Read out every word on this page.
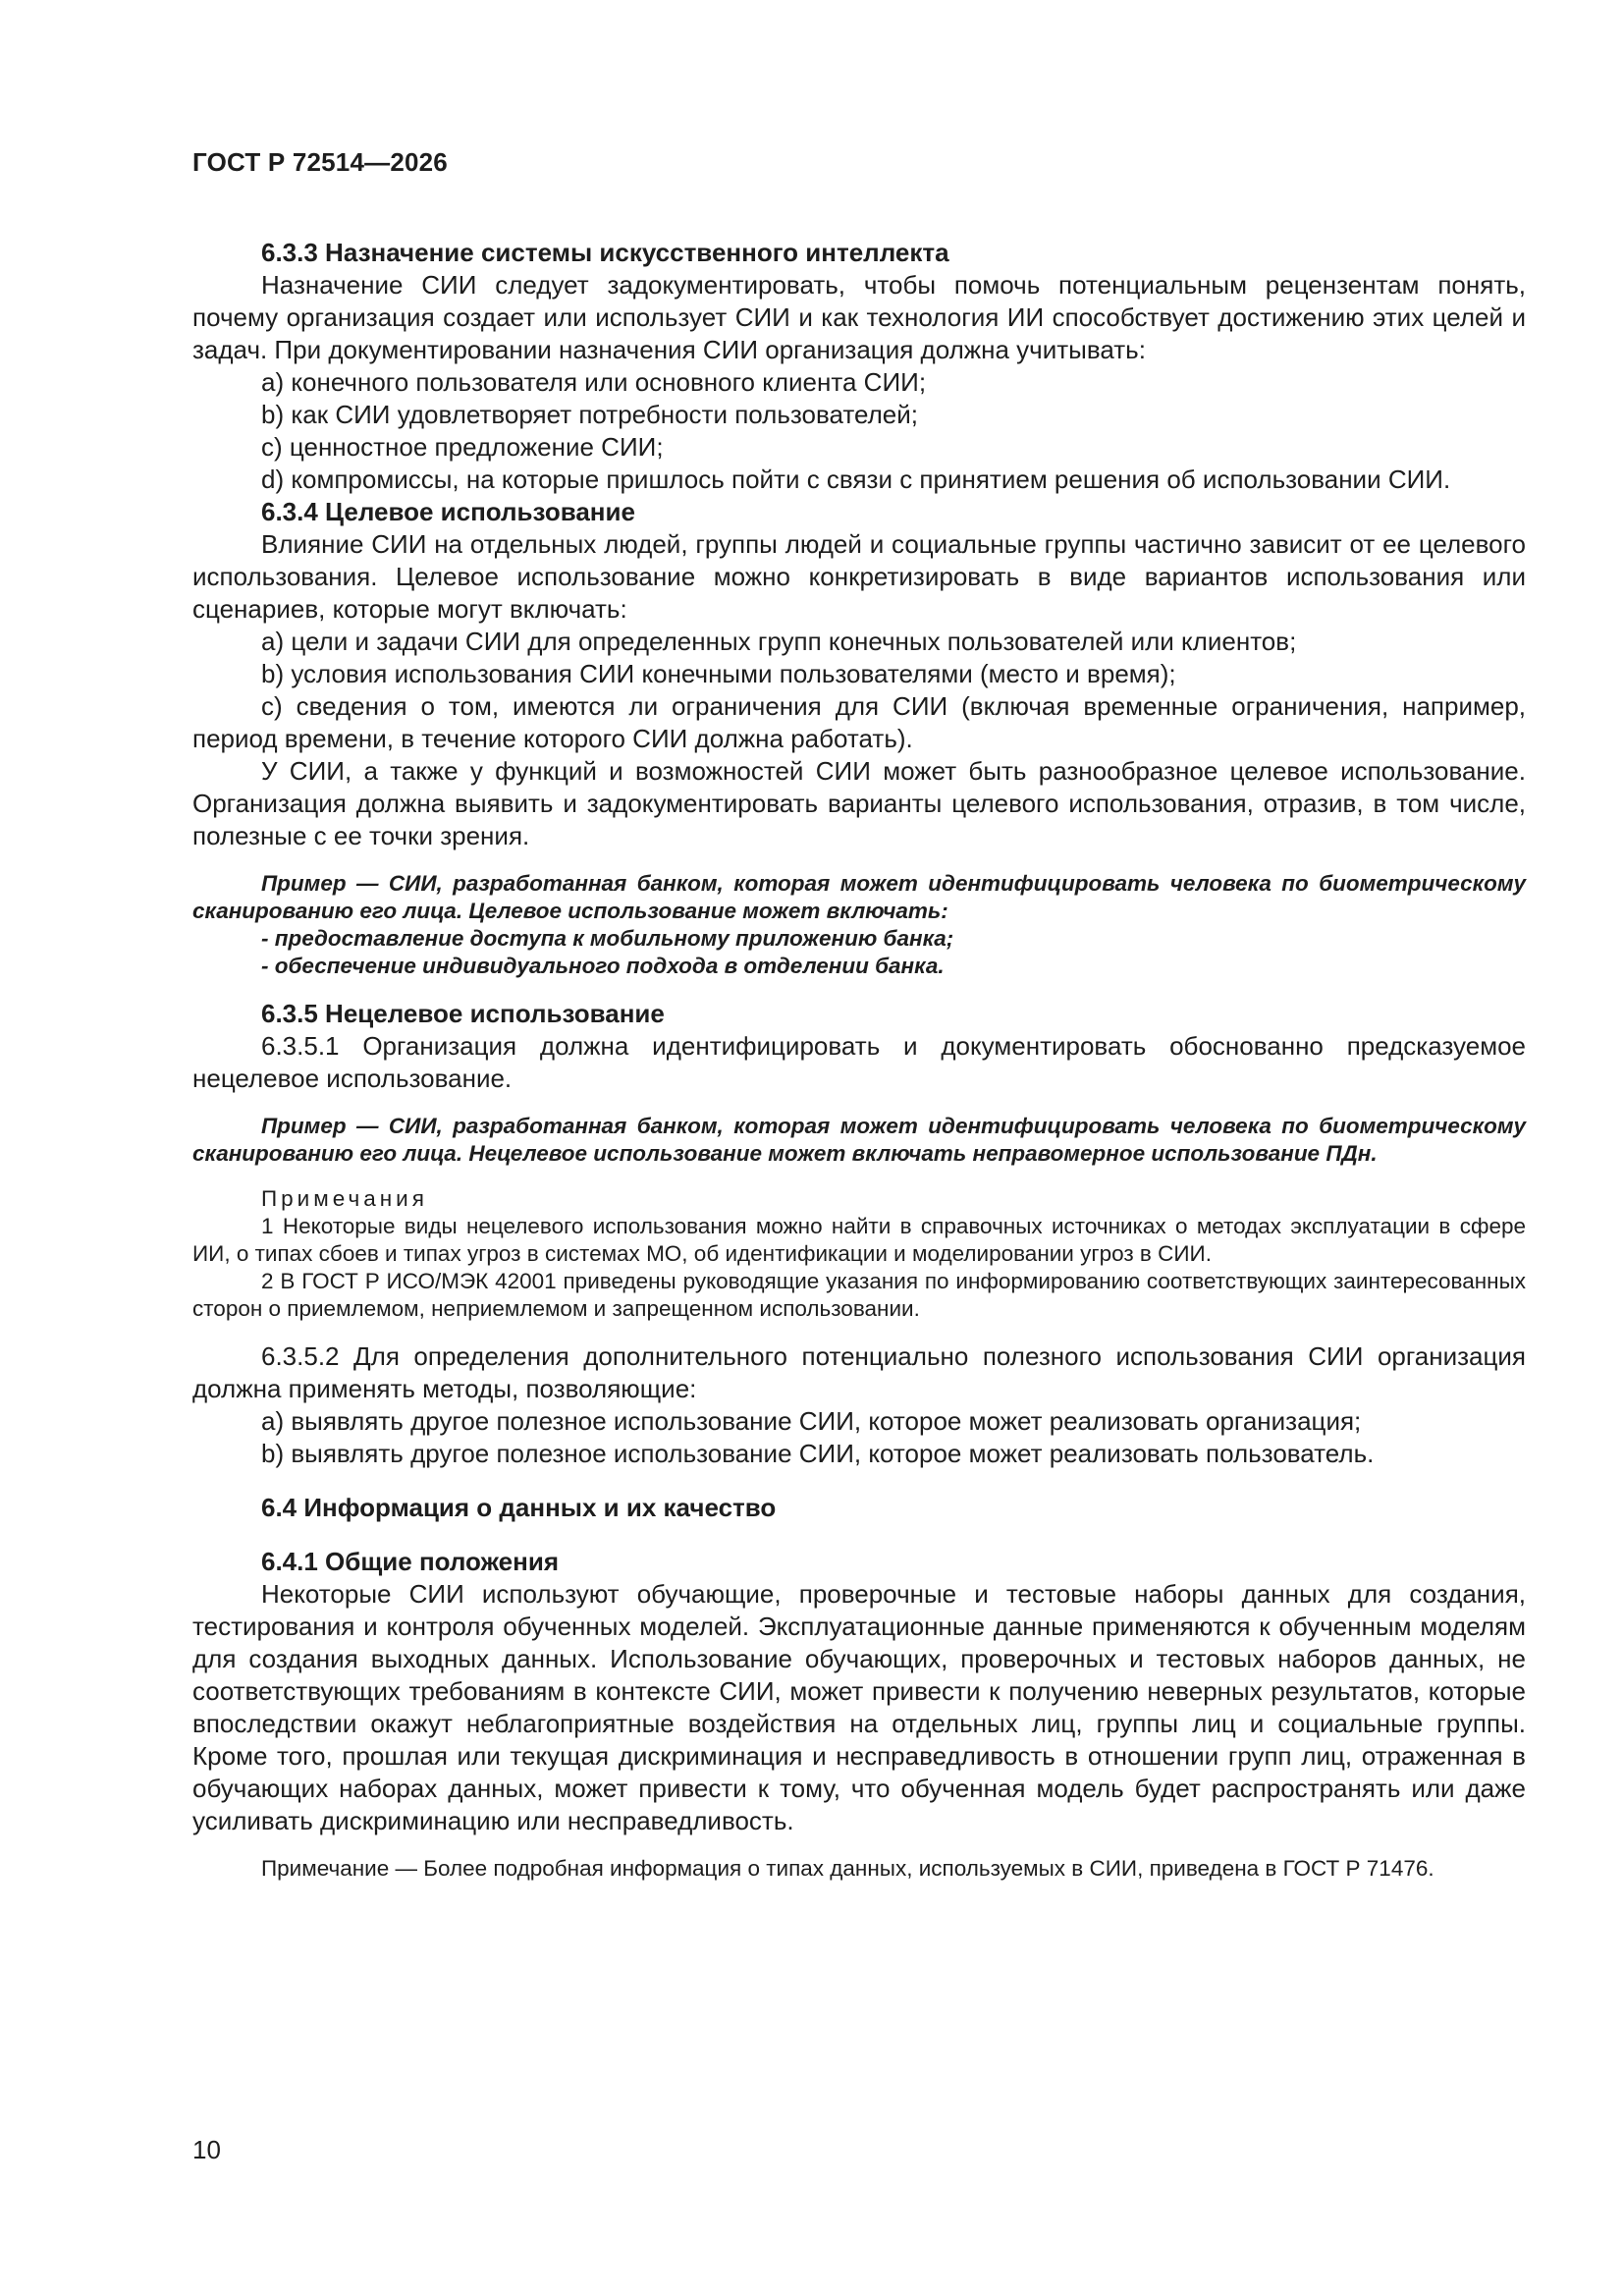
ГОСТ Р 72514—2026

6.3.3 Назначение системы искусственного интеллекта

Назначение СИИ следует задокументировать, чтобы помочь потенциальным рецензентам понять, почему организация создает или использует СИИ и как технология ИИ способствует достижению этих целей и задач. При документировании назначения СИИ организация должна учитывать:

а) конечного пользователя или основного клиента СИИ;

b) как СИИ удовлетворяет потребности пользователей;

c) ценностное предложение СИИ;

d) компромиссы, на которые пришлось пойти с связи с принятием решения об использовании СИИ.

6.3.4 Целевое использование

Влияние СИИ на отдельных людей, группы людей и социальные группы частично зависит от ее целевого использования. Целевое использование можно конкретизировать в виде вариантов использования или сценариев, которые могут включать:

а) цели и задачи СИИ для определенных групп конечных пользователей или клиентов;

b) условия использования СИИ конечными пользователями (место и время);

c) сведения о том, имеются ли ограничения для СИИ (включая временные ограничения, например, период времени, в течение которого СИИ должна работать).

У СИИ, а также у функций и возможностей СИИ может быть разнообразное целевое использование. Организация должна выявить и задокументировать варианты целевого использования, отразив, в том числе, полезные с ее точки зрения.

Пример — СИИ, разработанная банком, которая может идентифицировать человека по биометрическому сканированию его лица. Целевое использование может включать:

- предоставление доступа к мобильному приложению банка;

- обеспечение индивидуального подхода в отделении банка.

6.3.5 Нецелевое использование

6.3.5.1 Организация должна идентифицировать и документировать обоснованно предсказуемое нецелевое использование.

Пример — СИИ, разработанная банком, которая может идентифицировать человека по биометрическому сканированию его лица. Нецелевое использование может включать неправомерное использование ПДн.

Примечания

1 Некоторые виды нецелевого использования можно найти в справочных источниках о методах эксплуатации в сфере ИИ, о типах сбоев и типах угроз в системах МО, об идентификации и моделировании угроз в СИИ.

2 В ГОСТ Р ИСО/МЭК 42001 приведены руководящие указания по информированию соответствующих заинтересованных сторон о приемлемом, неприемлемом и запрещенном использовании.

6.3.5.2 Для определения дополнительного потенциально полезного использования СИИ организация должна применять методы, позволяющие:

а) выявлять другое полезное использование СИИ, которое может реализовать организация;

b) выявлять другое полезное использование СИИ, которое может реализовать пользователь.

6.4 Информация о данных и их качество

6.4.1 Общие положения

Некоторые СИИ используют обучающие, проверочные и тестовые наборы данных для создания, тестирования и контроля обученных моделей. Эксплуатационные данные применяются к обученным моделям для создания выходных данных. Использование обучающих, проверочных и тестовых наборов данных, не соответствующих требованиям в контексте СИИ, может привести к получению неверных результатов, которые впоследствии окажут неблагоприятные воздействия на отдельных лиц, группы лиц и социальные группы. Кроме того, прошлая или текущая дискриминация и несправедливость в отношении групп лиц, отраженная в обучающих наборах данных, может привести к тому, что обученная модель будет распространять или даже усиливать дискриминацию или несправедливость.

Примечание — Более подробная информация о типах данных, используемых в СИИ, приведена в ГОСТ Р 71476.

10
